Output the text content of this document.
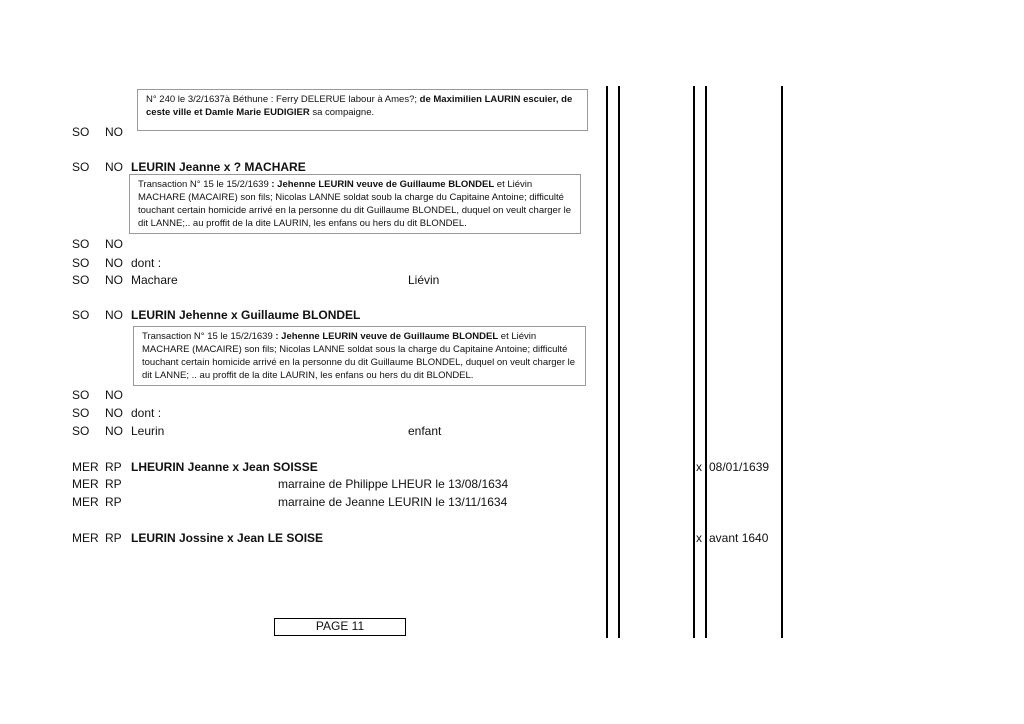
N° 240 le 3/2/1637à Béthune : Ferry DELERUE labour à Ames?; de Maximilien LAURIN escuier, de ceste ville et Damle Marie EUDIGIER sa compaigne.
Transaction N° 15 le 15/2/1639 : Jehenne LEURIN veuve de Guillaume BLONDEL et Liévin MACHARE (MACAIRE) son fils; Nicolas LANNE soldat soub la charge du Capitaine Antoine; difficulté touchant certain homicide arrivé en la personne du dit Guillaume BLONDEL, duquel on veult charger le dit LANNE;.. au proffit de la dite LAURIN, les enfans ou hers du dit BLONDEL.
Transaction N° 15 le 15/2/1639 : Jehenne LEURIN veuve de Guillaume BLONDEL et Liévin MACHARE (MACAIRE) son fils; Nicolas LANNE soldat sous la charge du Capitaine Antoine; difficulté touchant certain homicide arrivé en la personne du dit Guillaume BLONDEL, duquel on veult charger le dit LANNE; .. au proffit de la dite LAURIN, les enfans ou hers du dit BLONDEL.
SO NO
SO NO LEURIN Jeanne x ? MACHARE
SO NO
SO NO dont :
SO NO Machare	Liévin
SO NO LEURIN Jehenne x Guillaume BLONDEL
SO NO
SO NO dont :
SO NO Leurin	enfant
MER RP LHEURIN Jeanne x Jean SOISSE	x 08/01/1639
MER RP	marraine de Philippe LHEUR le 13/08/1634
MER RP	marraine de Jeanne LEURIN le 13/11/1634
MER RP LEURIN Jossine x Jean LE SOISE	x avant 1640
PAGE 11
